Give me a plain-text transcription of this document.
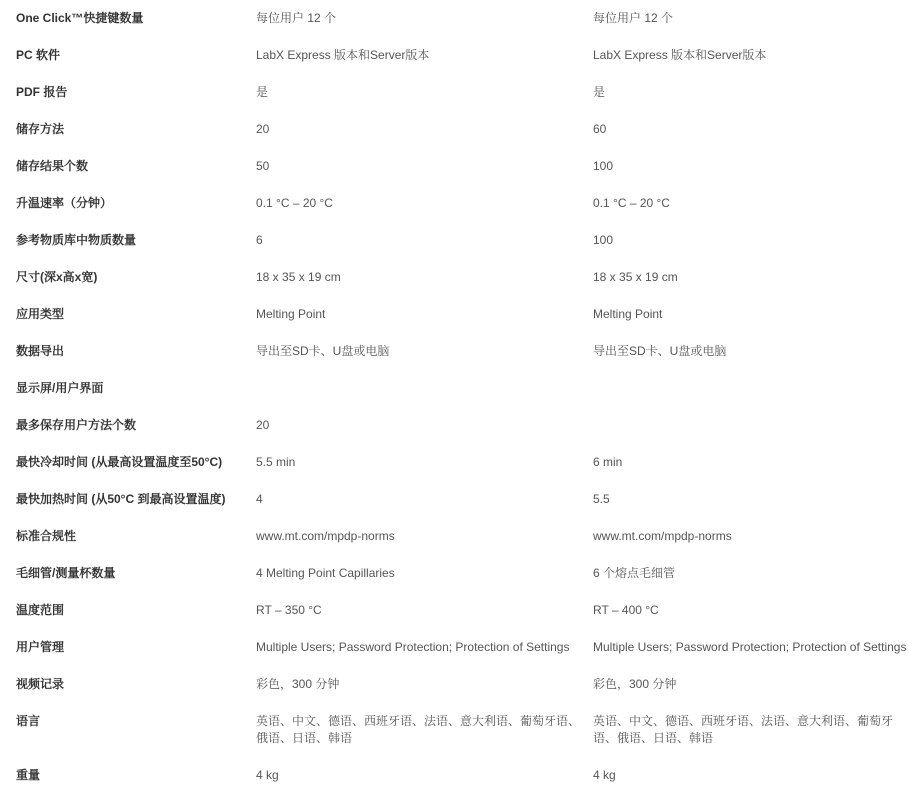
One Click™快捷键数量	每位用户 12 个	每位用户 12 个
PC 软件	LabX Express 版本和Server版本	LabX Express 版本和Server版本
PDF 报告	是	是
储存方法	20	60
储存结果个数	50	100
升温速率（分钟）	0.1 °C – 20 °C	0.1 °C – 20 °C
参考物质库中物质数量	6	100
尺寸(深x高x宽)	18 x 35 x 19 cm	18 x 35 x 19 cm
应用类型	Melting Point	Melting Point
数据导出	导出至SD卡、U盘或电脑	导出至SD卡、U盘或电脑
显示屏/用户界面		
最多保存用户方法个数	20	
最快冷却时间 (从最高设置温度至50°C)	5.5 min	6 min
最快加热时间 (从50°C 到最高设置温度)	4	5.5
标准合规性	www.mt.com/mpdp-norms	www.mt.com/mpdp-norms
毛细管/测量杯数量	4 Melting Point Capillaries	6 个熔点毛细管
温度范围	RT – 350 °C	RT – 400 °C
用户管理	Multiple Users; Password Protection; Protection of Settings	Multiple Users; Password Protection; Protection of Settings
视频记录	彩色，300 分钟	彩色，300 分钟
语言	英语、中文、德语、西班牙语、法语、意大利语、葡萄牙语、俄语、日语、韩语	英语、中文、德语、西班牙语、法语、意大利语、葡萄牙语、俄语、日语、韩语
重量	4 kg	4 kg
